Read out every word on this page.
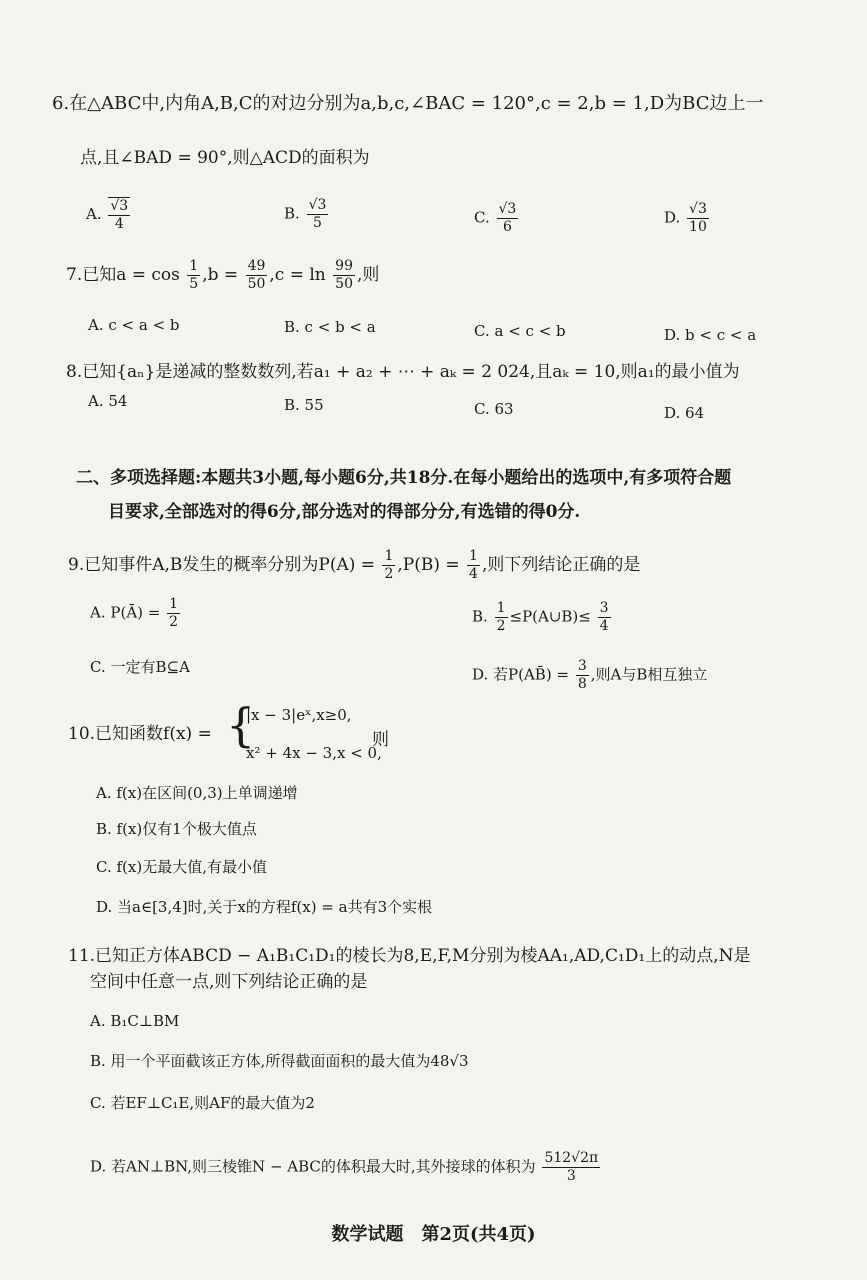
6.在△ABC中,内角A,B,C的对边分别为a,b,c,∠BAC = 120°,c = 2,b = 1,D为BC边上一
点,且∠BAD = 90°,则△ACD的面积为
A. $\frac{√3}{4}$	B. $\frac{√3}{5}$	C. $\frac{√3}{6}$	D. $\frac{√3}{10}$
7.已知$a = \cos \frac{1}{5} ,b = \frac{49}{50} ,c = \ln \frac{99}{50}$ ,则
A. c < a < b	B. c < b < a	C. a < c < b	D. b < c < a
8.已知{aₙ}是递减的整数数列,若a₁ + a₂ + ⋯ + aₖ = 2 024,且aₖ = 10,则a₁的最小值为
A. 54	B. 55	C. 63	D. 64
二、多项选择题:本题共3小题,每小题6分,共18分.在每小题给出的选项中,有多项符合题
目要求,全部选对的得6分,部分选对的得部分分,有选错的得0分.
9.已知事件A,B发生的概率分别为$P(A) = \frac{1}{2} ,P(B) = \frac{1}{4}$ ,则下列结论正确的是
A. P(Ā) = $\frac{1}{2}$	B. $\frac{1}{2}$ ≤P(A∪B)≤ $\frac{3}{4}$
C. 一定有B⊆A	D. 若P(AB̄) = $\frac{3}{8}$ ,则A与B相互独立
10.已知函数f(x) = {
|x − 3|eˣ,x≥0,
x² + 4x − 3,x < 0,
则
A. f(x)在区间(0,3)上单调递增
B. f(x)仅有1个极大值点
C. f(x)无最大值,有最小值
D. 当a∈[3,4]时,关于x的方程f(x) = a共有3个实根
11.已知正方体ABCD − A₁B₁C₁D₁的棱长为8,E,F,M分别为棱AA₁,AD,C₁D₁上的动点,N是
空间中任意一点,则下列结论正确的是
A. B₁C⊥BM
B. 用一个平面截该正方体,所得截面面积的最大值为48√3
C. 若EF⊥C₁E,则AF的最大值为2
D. 若AN⊥BN,则三棱锥N − ABC的体积最大时,其外接球的体积为 $\frac{512√2\pi}{3}$
数学试题　第2页(共4页)
